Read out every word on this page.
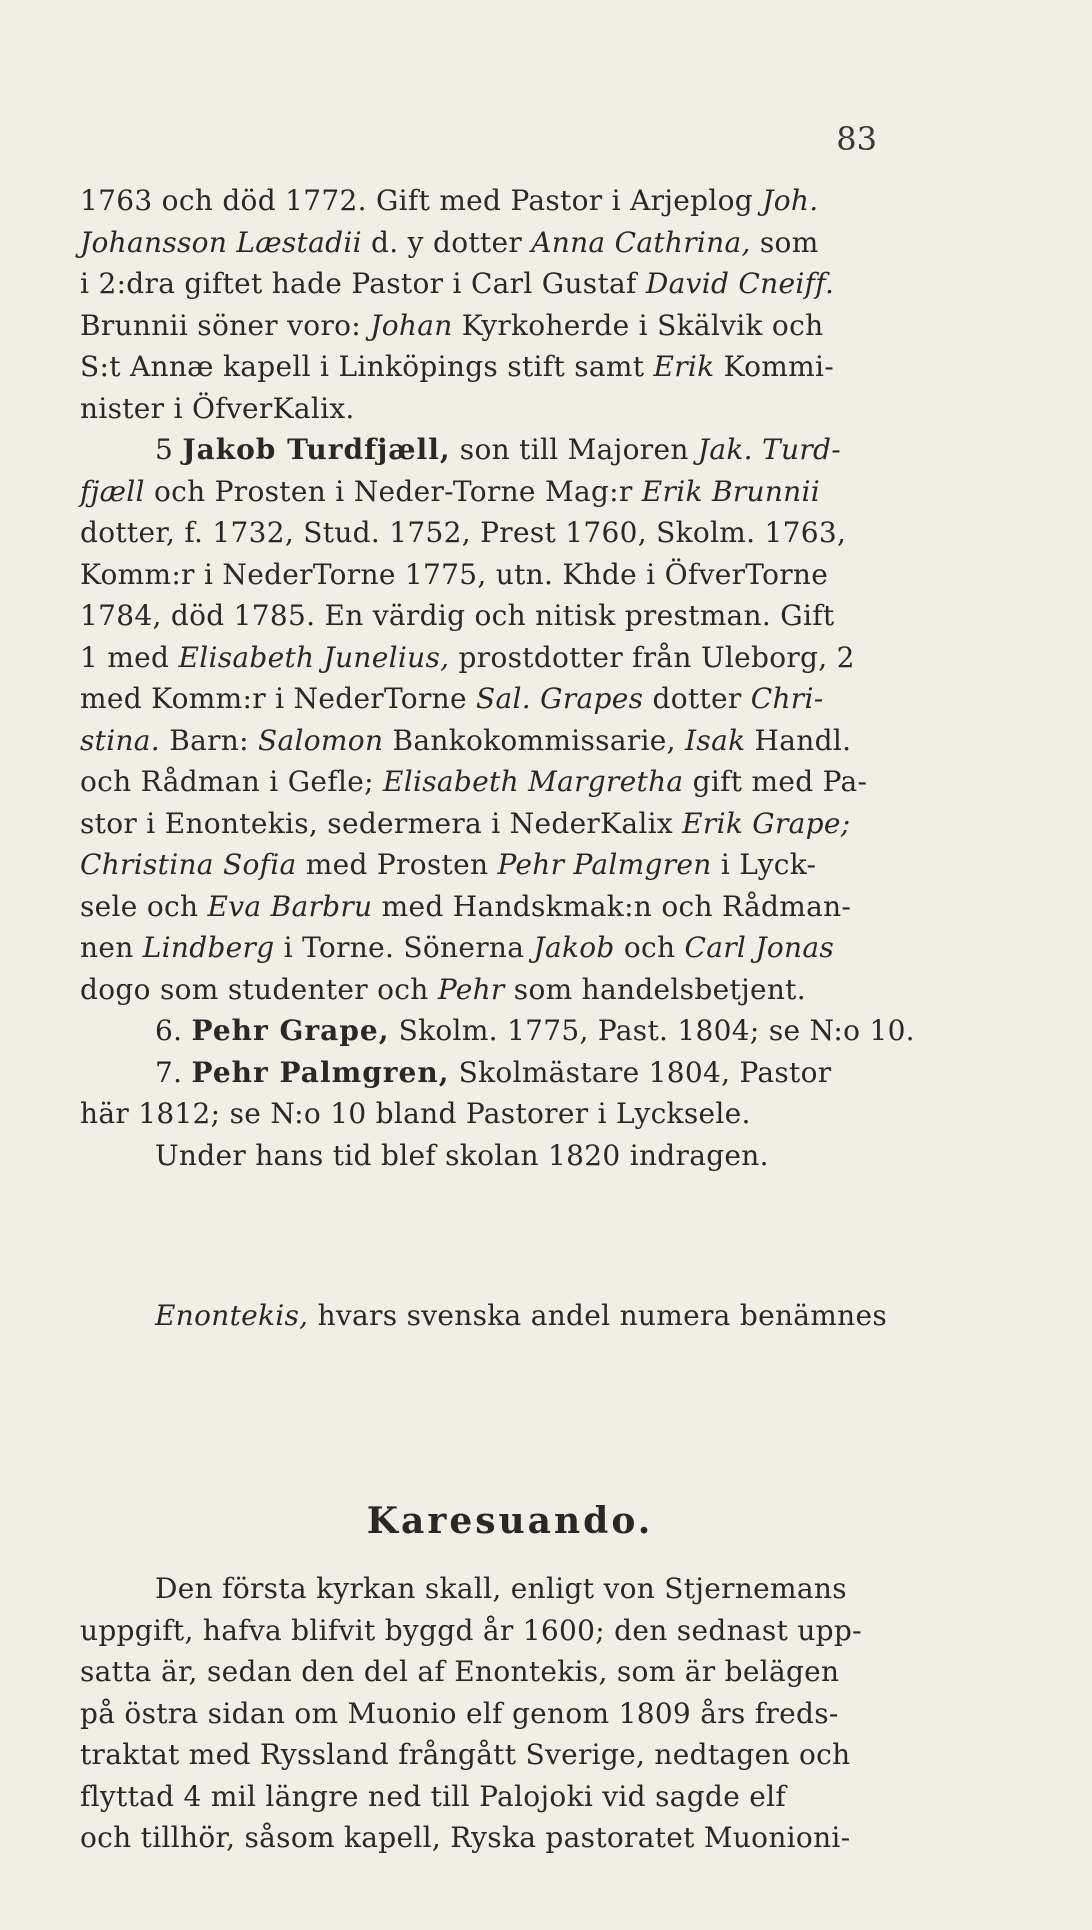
83
1763 och död 1772. Gift med Pastor i Arjeplog Joh.
Johansson Læstadii d. y dotter Anna Cathrina, som
i 2:dra giftet hade Pastor i Carl Gustaf David Cneiff.
Brunnii söner voro: Johan Kyrkoherde i Skälvik och
S:t Annæ kapell i Linköpings stift samt Erik Kommi-
nister i ÖfverKalix.
5 Jakob Turdfjæll, son till Majoren Jak. Turd-
fjæll och Prosten i Neder-Torne Mag:r Erik Brunnii
dotter, f. 1732, Stud. 1752, Prest 1760, Skolm. 1763,
Komm:r i NederTorne 1775, utn. Khde i ÖfverTorne
1784, död 1785. En värdig och nitisk prestman. Gift
1 med Elisabeth Junelius, prostdotter från Uleborg, 2
med Komm:r i NederTorne Sal. Grapes dotter Chri-
stina. Barn: Salomon Bankokommissarie, Isak Handl.
och Rådman i Gefle; Elisabeth Margretha gift med Pa-
stor i Enontekis, sedermera i NederKalix Erik Grape;
Christina Sofia med Prosten Pehr Palmgren i Lyck-
sele och Eva Barbru med Handskmak:n och Rådman-
nen Lindberg i Torne. Sönerna Jakob och Carl Jonas
dogo som studenter och Pehr som handelsbetjent.
6. Pehr Grape, Skolm. 1775, Past. 1804; se N:o 10.
7. Pehr Palmgren, Skolmästare 1804, Pastor
här 1812; se N:o 10 bland Pastorer i Lycksele.
Under hans tid blef skolan 1820 indragen.
Enontekis, hvars svenska andel numera benämnes
Karesuando.
Den första kyrkan skall, enligt von Stjernemans
uppgift, hafva blifvit byggd år 1600; den sednast upp-
satta är, sedan den del af Enontekis, som är belägen
på östra sidan om Muonio elf genom 1809 års freds-
traktat med Ryssland frångått Sverige, nedtagen och
flyttad 4 mil längre ned till Palojoki vid sagde elf
och tillhör, såsom kapell, Ryska pastoratet Muonioni-
